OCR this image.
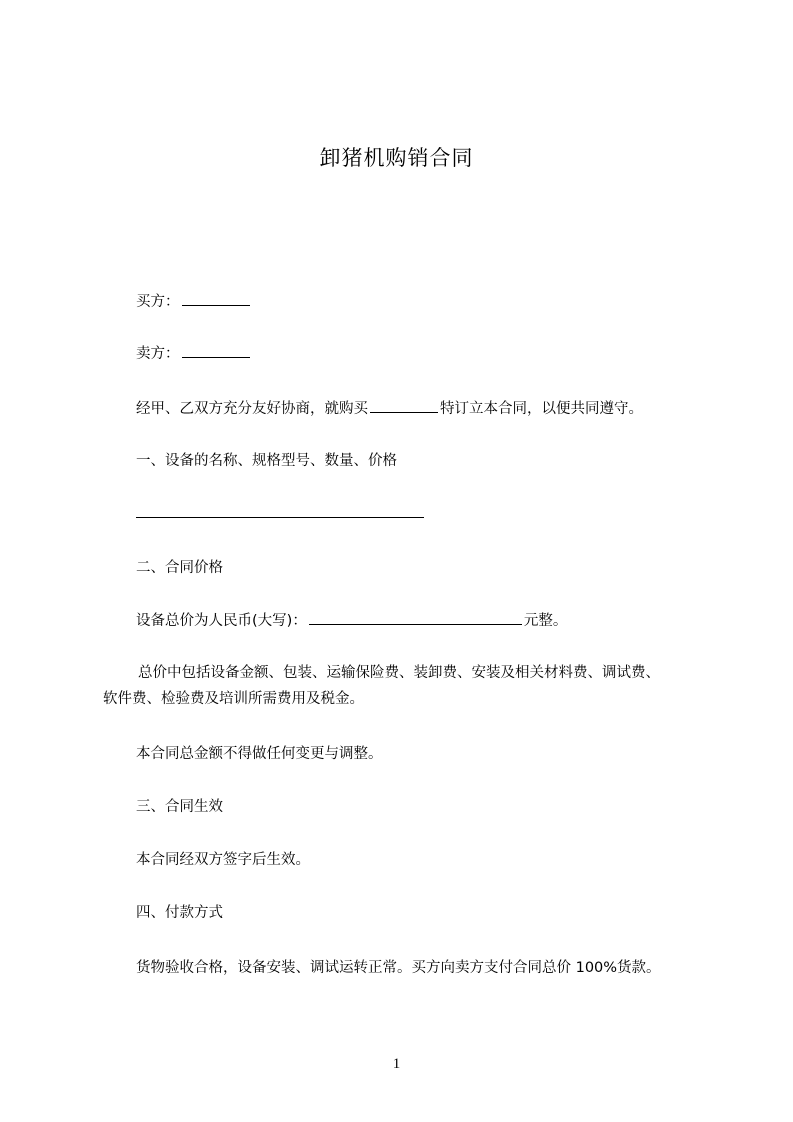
卸猪机购销合同
买方：
卖方：
经甲、乙双方充分友好协商，就购买	特订立本合同，以便共同遵守。
一、设备的名称、规格型号、数量、价格
二、合同价格
设备总价为人民币(大写)：	元整。
总价中包括设备金额、包装、运输保险费、装卸费、安装及相关材料费、调试费、
软件费、检验费及培训所需费用及税金。
本合同总金额不得做任何变更与调整。
三、合同生效
本合同经双方签字后生效。
四、付款方式
货物验收合格，设备安装、调试运转正常。买方向卖方支付合同总价 100%货款。
1
